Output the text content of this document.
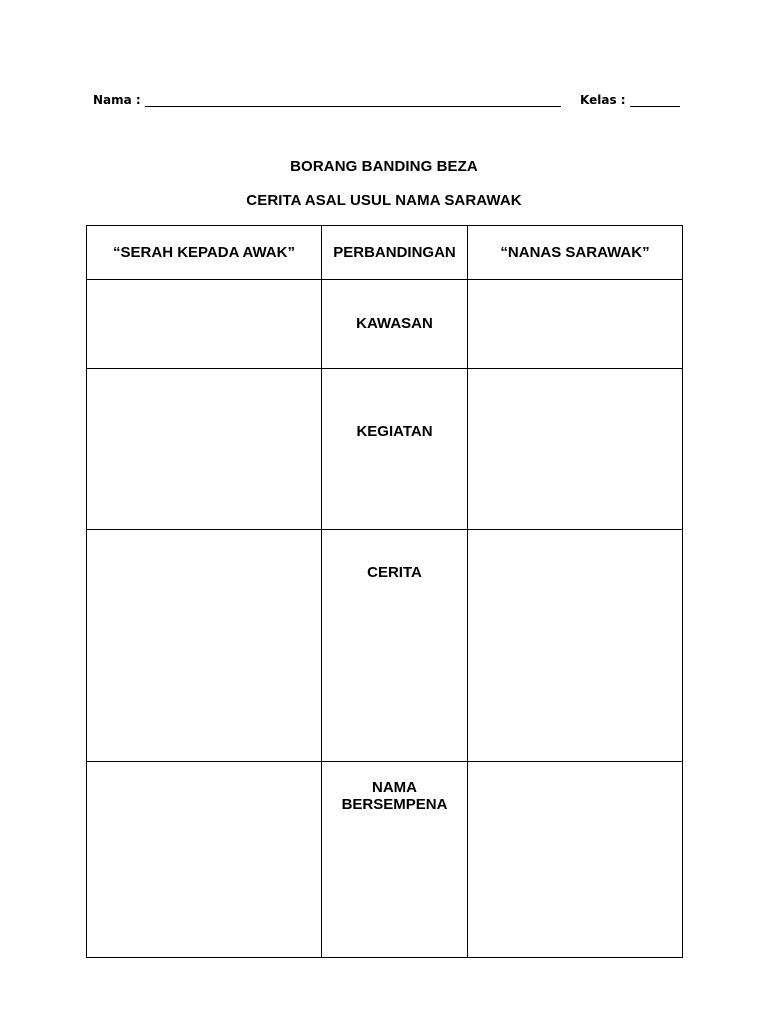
Nama :	Kelas :
BORANG BANDING BEZA
CERITA ASAL USUL NAMA SARAWAK
“SERAH KEPADA AWAK”	PERBANDINGAN	“NANAS SARAWAK”

	KAWASAN	

	KEGIATAN	

	CERITA	

	NAMA
BERSEMPENA	
